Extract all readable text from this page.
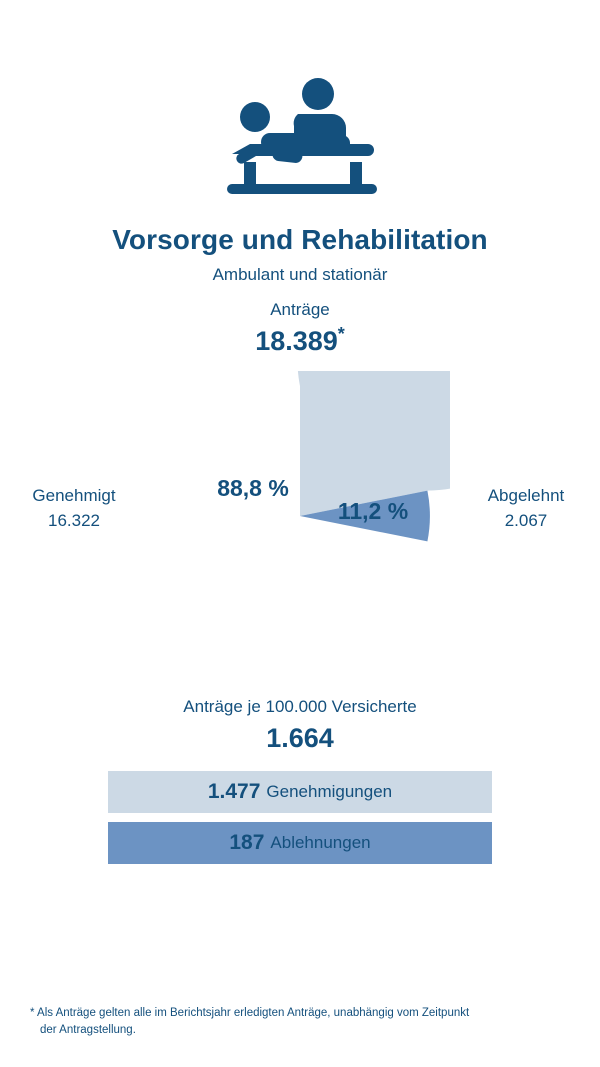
Vorsorge und Rehabilitation
Ambulant und stationär
Anträge
18.389*
88,8 %
11,2 %
Genehmigt
16.322
Abgelehnt
2.067
Anträge je 100.000 Versicherte
1.664
1.477 Genehmigungen
187 Ablehnungen
* Als Anträge gelten alle im Berichtsjahr erledigten Anträge, unabhängig vom Zeitpunkt
der Antragstellung.
